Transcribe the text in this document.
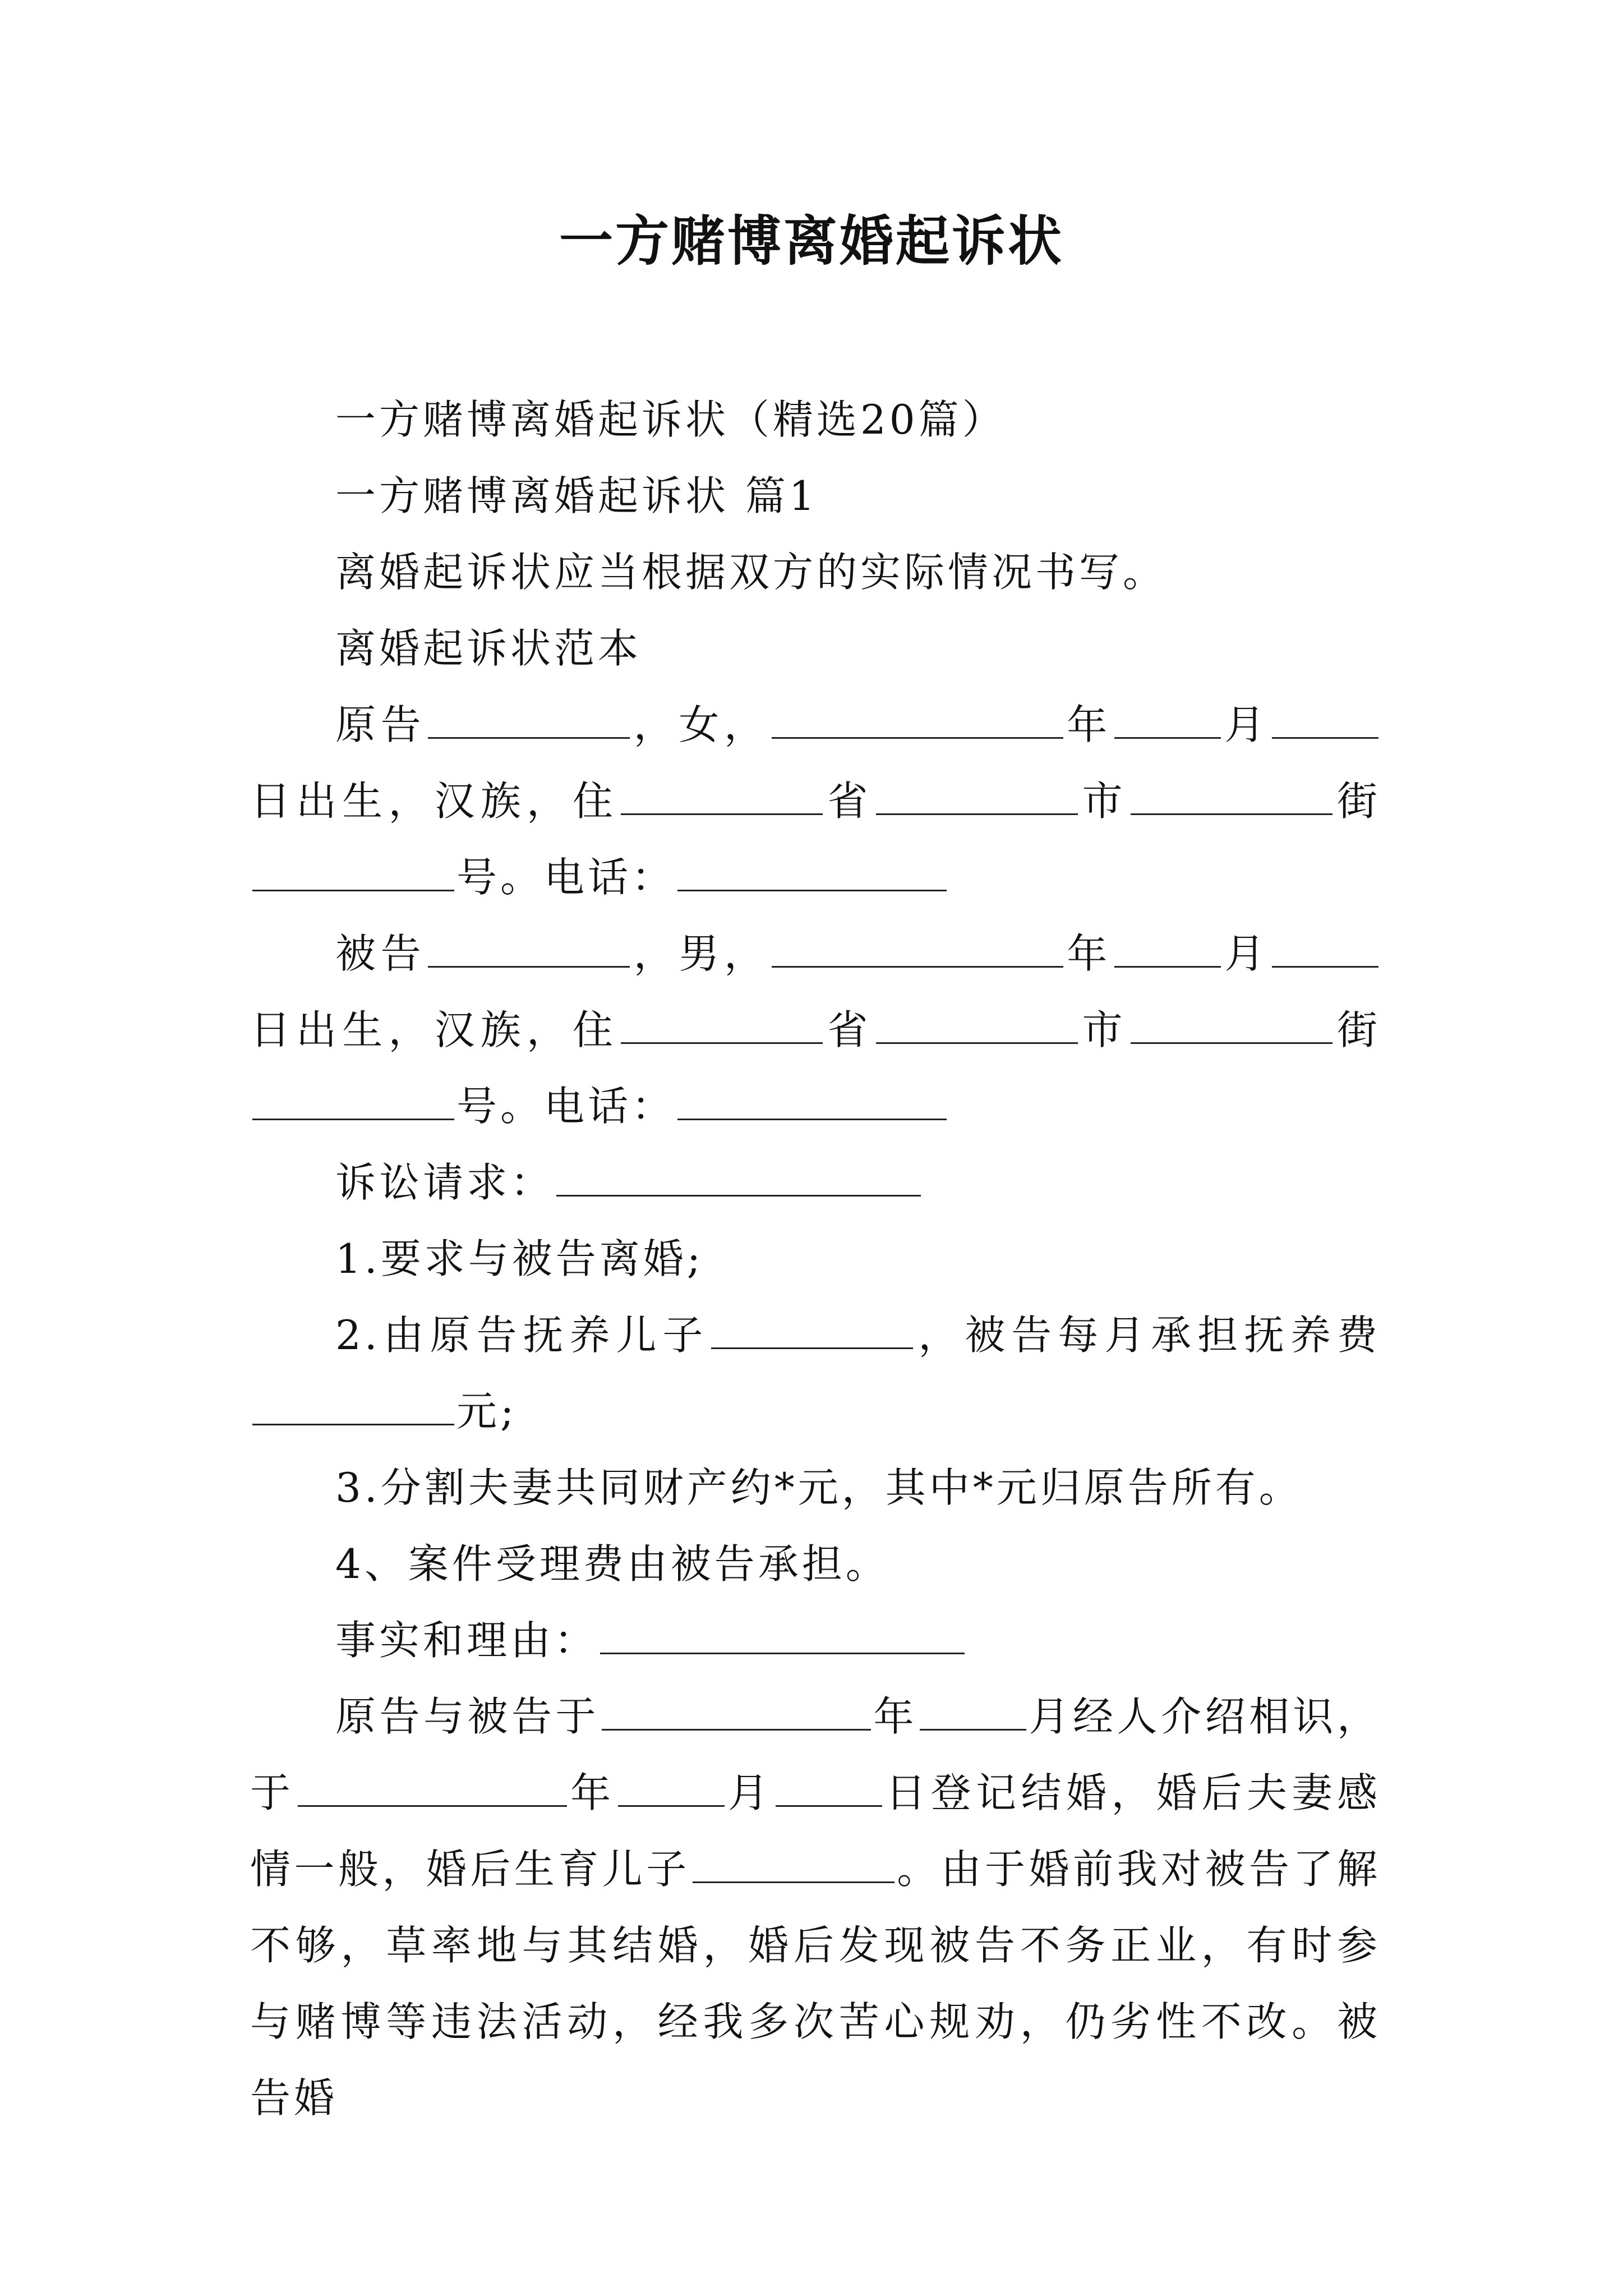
一方赌博离婚起诉状

一方赌博离婚起诉状（精选20篇）

一方赌博离婚起诉状 篇1

离婚起诉状应当根据双方的实际情况书写。

离婚起诉状范本

原告	，女，	年	月日出生，汉族，住	省	市	街号。电话：

被告	，男，	年	月日出生，汉族，住	省	市	街号。电话：

诉讼请求：

1.要求与被告离婚;

2.由原告抚养儿子	，被告每月承担抚养费元;

3.分割夫妻共同财产约*元，其中*元归原告所有。

4、案件受理费由被告承担。

事实和理由：

原告与被告于	年	月经人介绍相识，于	年	月	日登记结婚，婚后夫妻感情一般，婚后生育儿子	。由于婚前我对被告了解不够，草率地与其结婚，婚后发现被告不务正业，有时参与赌博等违法活动，经我多次苦心规劝，仍劣性不改。被告婚
